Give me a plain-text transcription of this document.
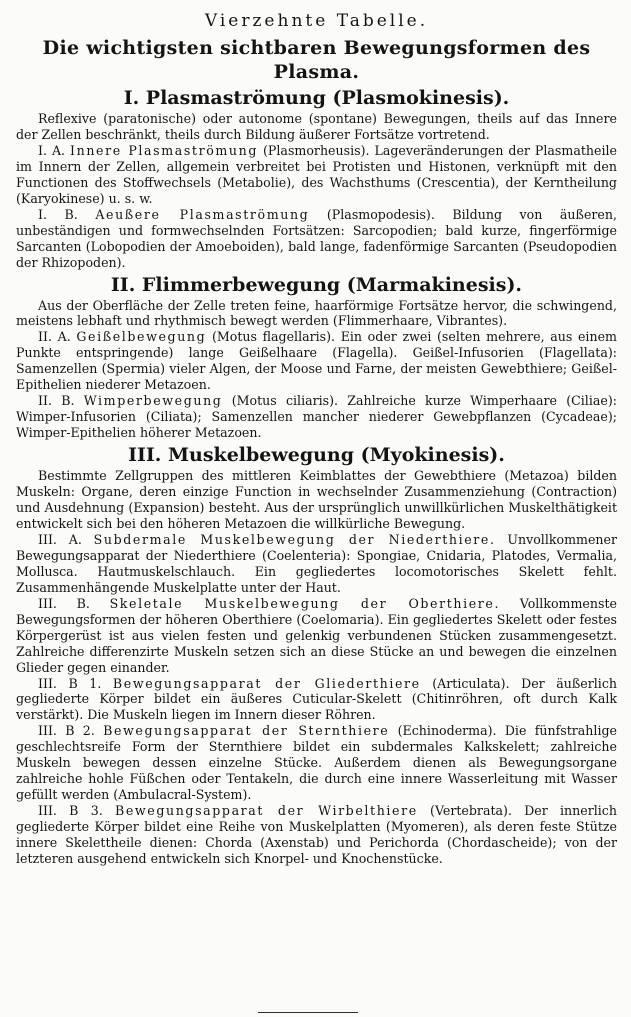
Vierzehnte Tabelle.
Die wichtigsten sichtbaren Bewegungsformen des Plasma.
I. Plasmaströmung (Plasmokinesis).

Reflexive (paratonische) oder autonome (spontane) Bewegungen, theils auf das Innere der Zellen beschränkt, theils durch Bildung äußerer Fortsätze vortretend.

I. A. Innere Plasmaströmung (Plasmorheusis). Lageveränderungen der Plasmatheile im Innern der Zellen, allgemein verbreitet bei Protisten und Histonen, verknüpft mit den Functionen des Stoffwechsels (Metabolie), des Wachsthums (Crescentia), der Kerntheilung (Karyokinese) u. s. w.

I. B. Aeußere Plasmaströmung (Plasmopodesis). Bildung von äußeren, unbeständigen und formwechselnden Fortsätzen: Sarcopodien; bald kurze, fingerförmige Sarcanten (Lobopodien der Amoeboiden), bald lange, fadenförmige Sarcanten (Pseudopodien der Rhizopoden).

II. Flimmerbewegung (Marmakinesis).

Aus der Oberfläche der Zelle treten feine, haarförmige Fortsätze hervor, die schwingend, meistens lebhaft und rhythmisch bewegt werden (Flimmerhaare, Vibrantes).

II. A. Geißelbewegung (Motus flagellaris). Ein oder zwei (selten mehrere, aus einem Punkte entspringende) lange Geißelhaare (Flagella). Geißel-Infusorien (Flagellata): Samenzellen (Spermia) vieler Algen, der Moose und Farne, der meisten Gewebthiere; Geißel-Epithelien niederer Metazoen.

II. B. Wimperbewegung (Motus ciliaris). Zahlreiche kurze Wimperhaare (Ciliae): Wimper-Infusorien (Ciliata); Samenzellen mancher niederer Gewebpflanzen (Cycadeae); Wimper-Epithelien höherer Metazoen.

III. Muskelbewegung (Myokinesis).

Bestimmte Zellgruppen des mittleren Keimblattes der Gewebthiere (Metazoa) bilden Muskeln: Organe, deren einzige Function in wechselnder Zusammenziehung (Contraction) und Ausdehnung (Expansion) besteht. Aus der ursprünglich unwillkürlichen Muskelthätigkeit entwickelt sich bei den höheren Metazoen die willkürliche Bewegung.

III. A. Subdermale Muskelbewegung der Niederthiere. Unvollkommener Bewegungsapparat der Niederthiere (Coelenteria): Spongiae, Cnidaria, Platodes, Vermalia, Mollusca. Hautmuskelschlauch. Ein gegliedertes locomotorisches Skelett fehlt. Zusammenhängende Muskelplatte unter der Haut.

III. B. Skeletale Muskelbewegung der Oberthiere. Vollkommenste Bewegungsformen der höheren Oberthiere (Coelomaria). Ein gegliedertes Skelett oder festes Körpergerüst ist aus vielen festen und gelenkig verbundenen Stücken zusammengesetzt. Zahlreiche differenzirte Muskeln setzen sich an diese Stücke an und bewegen die einzelnen Glieder gegen einander.

III. B 1. Bewegungsapparat der Gliederthiere (Articulata). Der äußerlich gegliederte Körper bildet ein äußeres Cuticular-Skelett (Chitinröhren, oft durch Kalk verstärkt). Die Muskeln liegen im Innern dieser Röhren.

III. B 2. Bewegungsapparat der Sternthiere (Echinoderma). Die fünfstrahlige geschlechtsreife Form der Sternthiere bildet ein subdermales Kalkskelett; zahlreiche Muskeln bewegen dessen einzelne Stücke. Außerdem dienen als Bewegungsorgane zahlreiche hohle Füßchen oder Tentakeln, die durch eine innere Wasserleitung mit Wasser gefüllt werden (Ambulacral-System).

III. B 3. Bewegungsapparat der Wirbelthiere (Vertebrata). Der innerlich gegliederte Körper bildet eine Reihe von Muskelplatten (Myomeren), als deren feste Stütze innere Skelettheile dienen: Chorda (Axenstab) und Perichorda (Chordascheide); von der letzteren ausgehend entwickeln sich Knorpel- und Knochenstücke.
